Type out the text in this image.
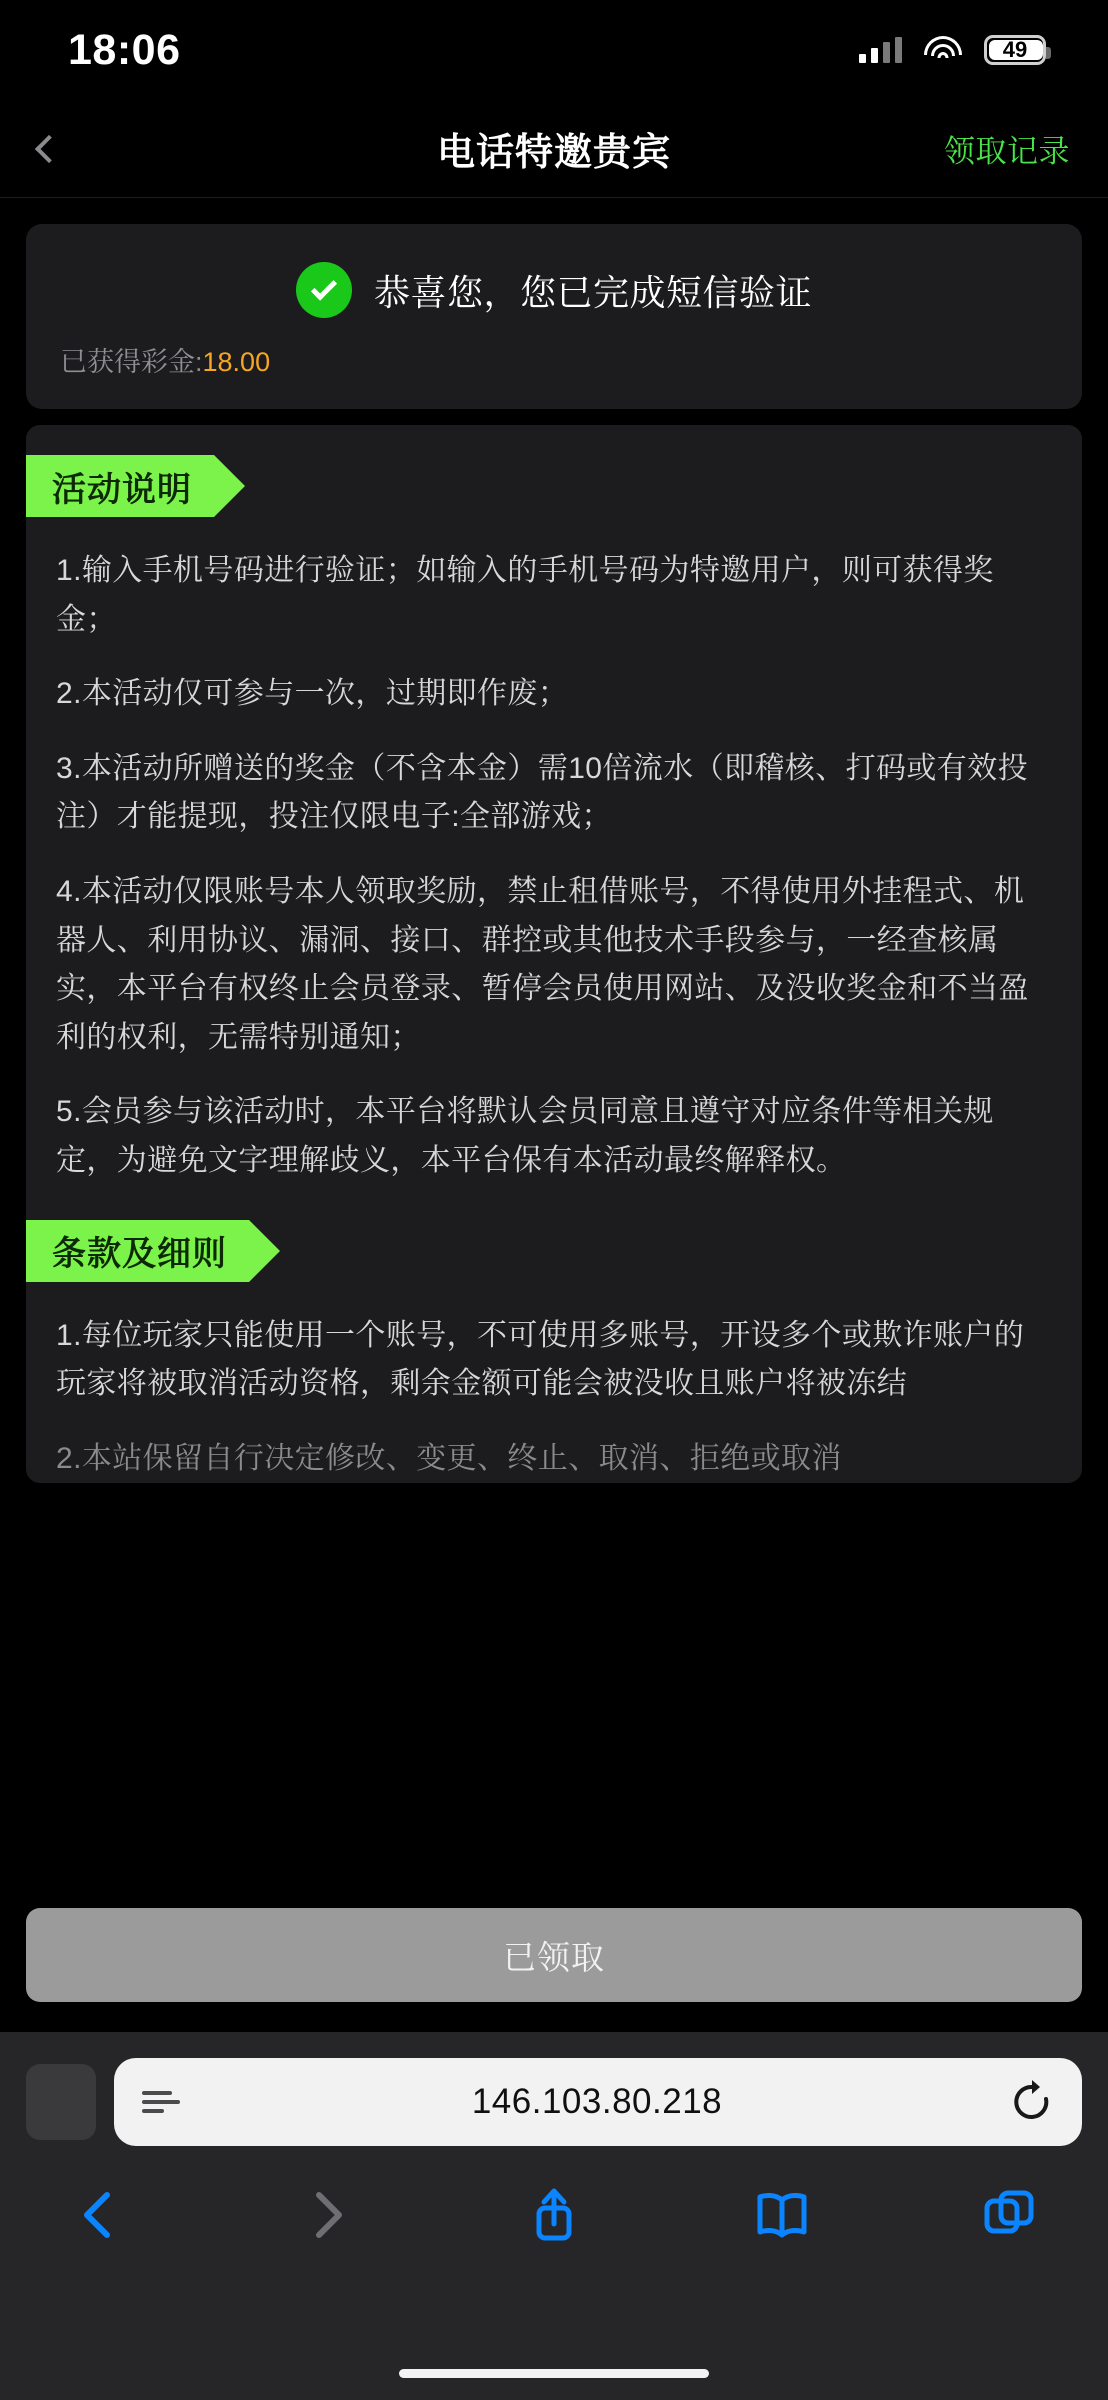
18:06	49
电话特邀贵宾	领取记录
恭喜您，您已完成短信验证
已获得彩金:18.00
活动说明

1.输入手机号码进行验证；如输入的手机号码为特邀用户，则可获得奖金；

2.本活动仅可参与一次，过期即作废；

3.本活动所赠送的奖金（不含本金）需10倍流水（即稽核、打码或有效投注）才能提现，投注仅限电子:全部游戏；

4.本活动仅限账号本人领取奖励，禁止租借账号，不得使用外挂程式、机器人、利用协议、漏洞、接口、群控或其他技术手段参与，一经查核属实，本平台有权终止会员登录、暂停会员使用网站、及没收奖金和不当盈利的权利，无需特别通知；

5.会员参与该活动时，本平台将默认会员同意且遵守对应条件等相关规定，为避免文字理解歧义，本平台保有本活动最终解释权。

条款及细则

1.每位玩家只能使用一个账号，不可使用多账号，开设多个或欺诈账户的玩家将被取消活动资格，剩余金额可能会被没收且账户将被冻结

2.本站保留自行决定修改、变更、终止、取消、拒绝或取消

已领取
146.103.80.218
